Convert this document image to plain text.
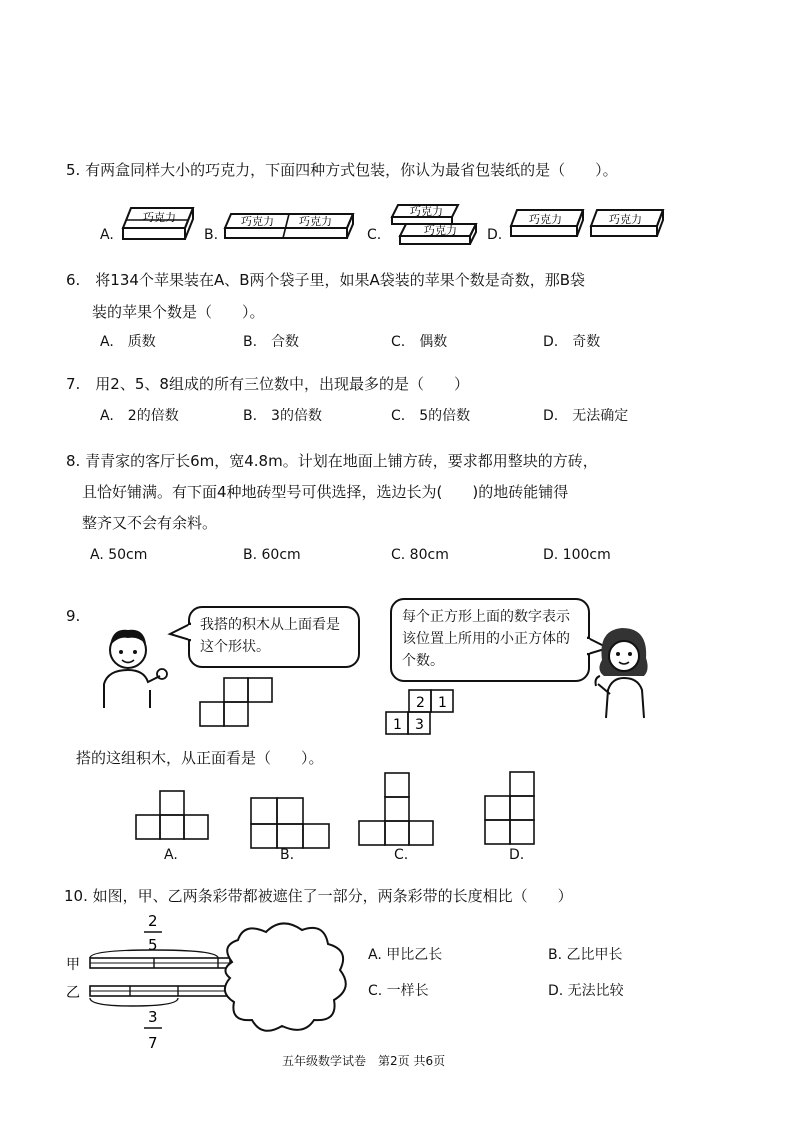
5. 有两盒同样大小的巧克力，下面四种方式包装，你认为最省包装纸的是（　　）。
A.
巧克力
B.
巧克力 巧克力
C.
巧克力
巧克力 D.
巧克力	巧克力
6.　将134个苹果装在A、B两个袋子里，如果A袋装的苹果个数是奇数，那B袋
装的苹果个数是（　　）。
A.　质数	B.　合数	C.　偶数	D.　奇数
7.　用2、5、8组成的所有三位数中，出现最多的是（　　）
A.　2的倍数	B.　3的倍数	C.　5的倍数	D.　无法确定
8. 青青家的客厅长6m，宽4.8m。计划在地面上铺方砖，要求都用整块的方砖，
且恰好铺满。有下面4种地砖型号可供选择，选边长为(　　)的地砖能铺得
整齐又不会有余料。
A. 50cm	B. 60cm	C. 80cm	D. 100cm
9.	我搭的积木从上面看是这个形状。
每个正方形上面的数字表示该位置上所用的小正方体的个数。
2 1
1 3
搭的这组积木，从正面看是（　　）。
A.	B.	C.	D.
10. 如图，甲、乙两条彩带都被遮住了一部分，两条彩带的长度相比（　　）
2
5
甲
乙
3
7
A. 甲比乙长	B. 乙比甲长
C. 一样长	D. 无法比较
五年级数学试卷　第2页 共6页
